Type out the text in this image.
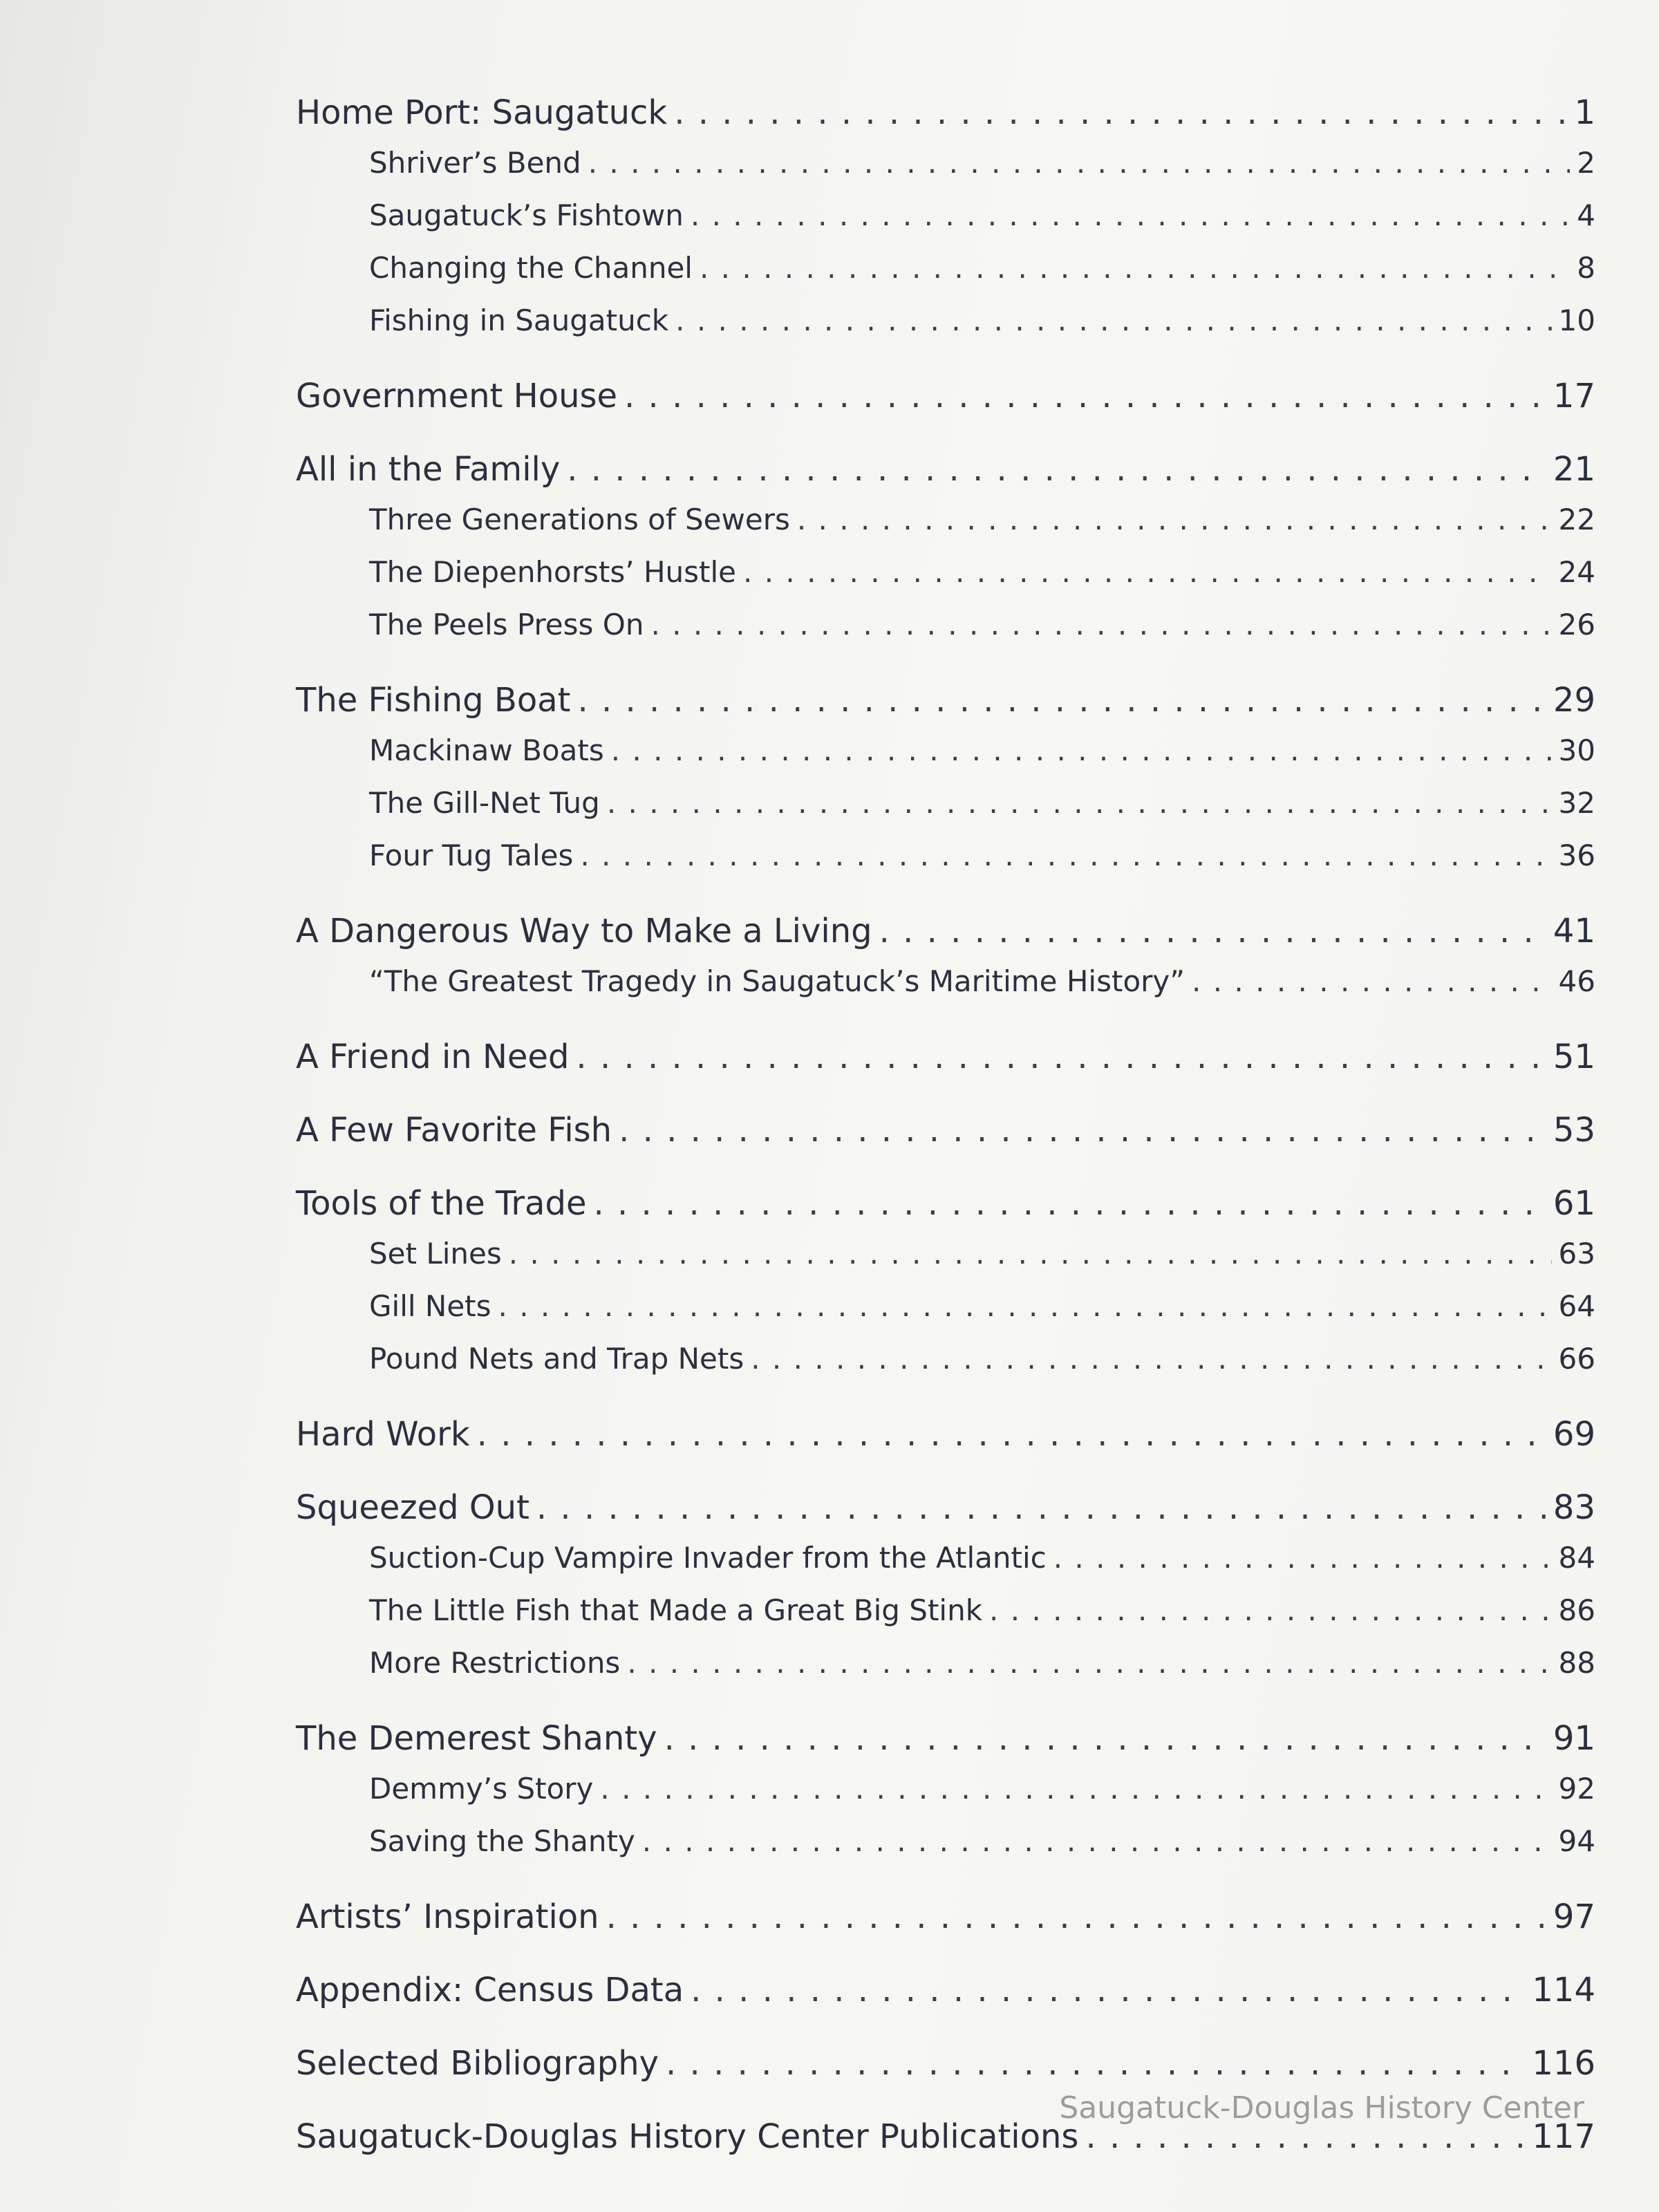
Home Port: Saugatuck . . .	1
Shriver’s Bend . . .	2
Saugatuck’s Fishtown . . .	4
Changing the Channel . . .	8
Fishing in Saugatuck . . .	10
Government House . . .	17
All in the Family . . .	21
Three Generations of Sewers . . .	22
The Diepenhorsts’ Hustle . . .	24
The Peels Press On . . .	26
The Fishing Boat . . .	29
Mackinaw Boats . . .	30
The Gill-Net Tug . . .	32
Four Tug Tales . . .	36
A Dangerous Way to Make a Living . . .	41
“The Greatest Tragedy in Saugatuck’s Maritime History” . . .	46
A Friend in Need . . .	51
A Few Favorite Fish . . .	53
Tools of the Trade . . .	61
Set Lines . . .	63
Gill Nets . . .	64
Pound Nets and Trap Nets . . .	66
Hard Work . . .	69
Squeezed Out . . .	83
Suction-Cup Vampire Invader from the Atlantic . . .	84
The Little Fish that Made a Great Big Stink . . .	86
More Restrictions . . .	88
The Demerest Shanty . . .	91
Demmy’s Story . . .	92
Saving the Shanty . . .	94
Artists’ Inspiration . . .	97
Appendix: Census Data . . .	114
Selected Bibliography . . .	116
Saugatuck-Douglas History Center Publications . . .	117
Saugatuck-Douglas History Center
